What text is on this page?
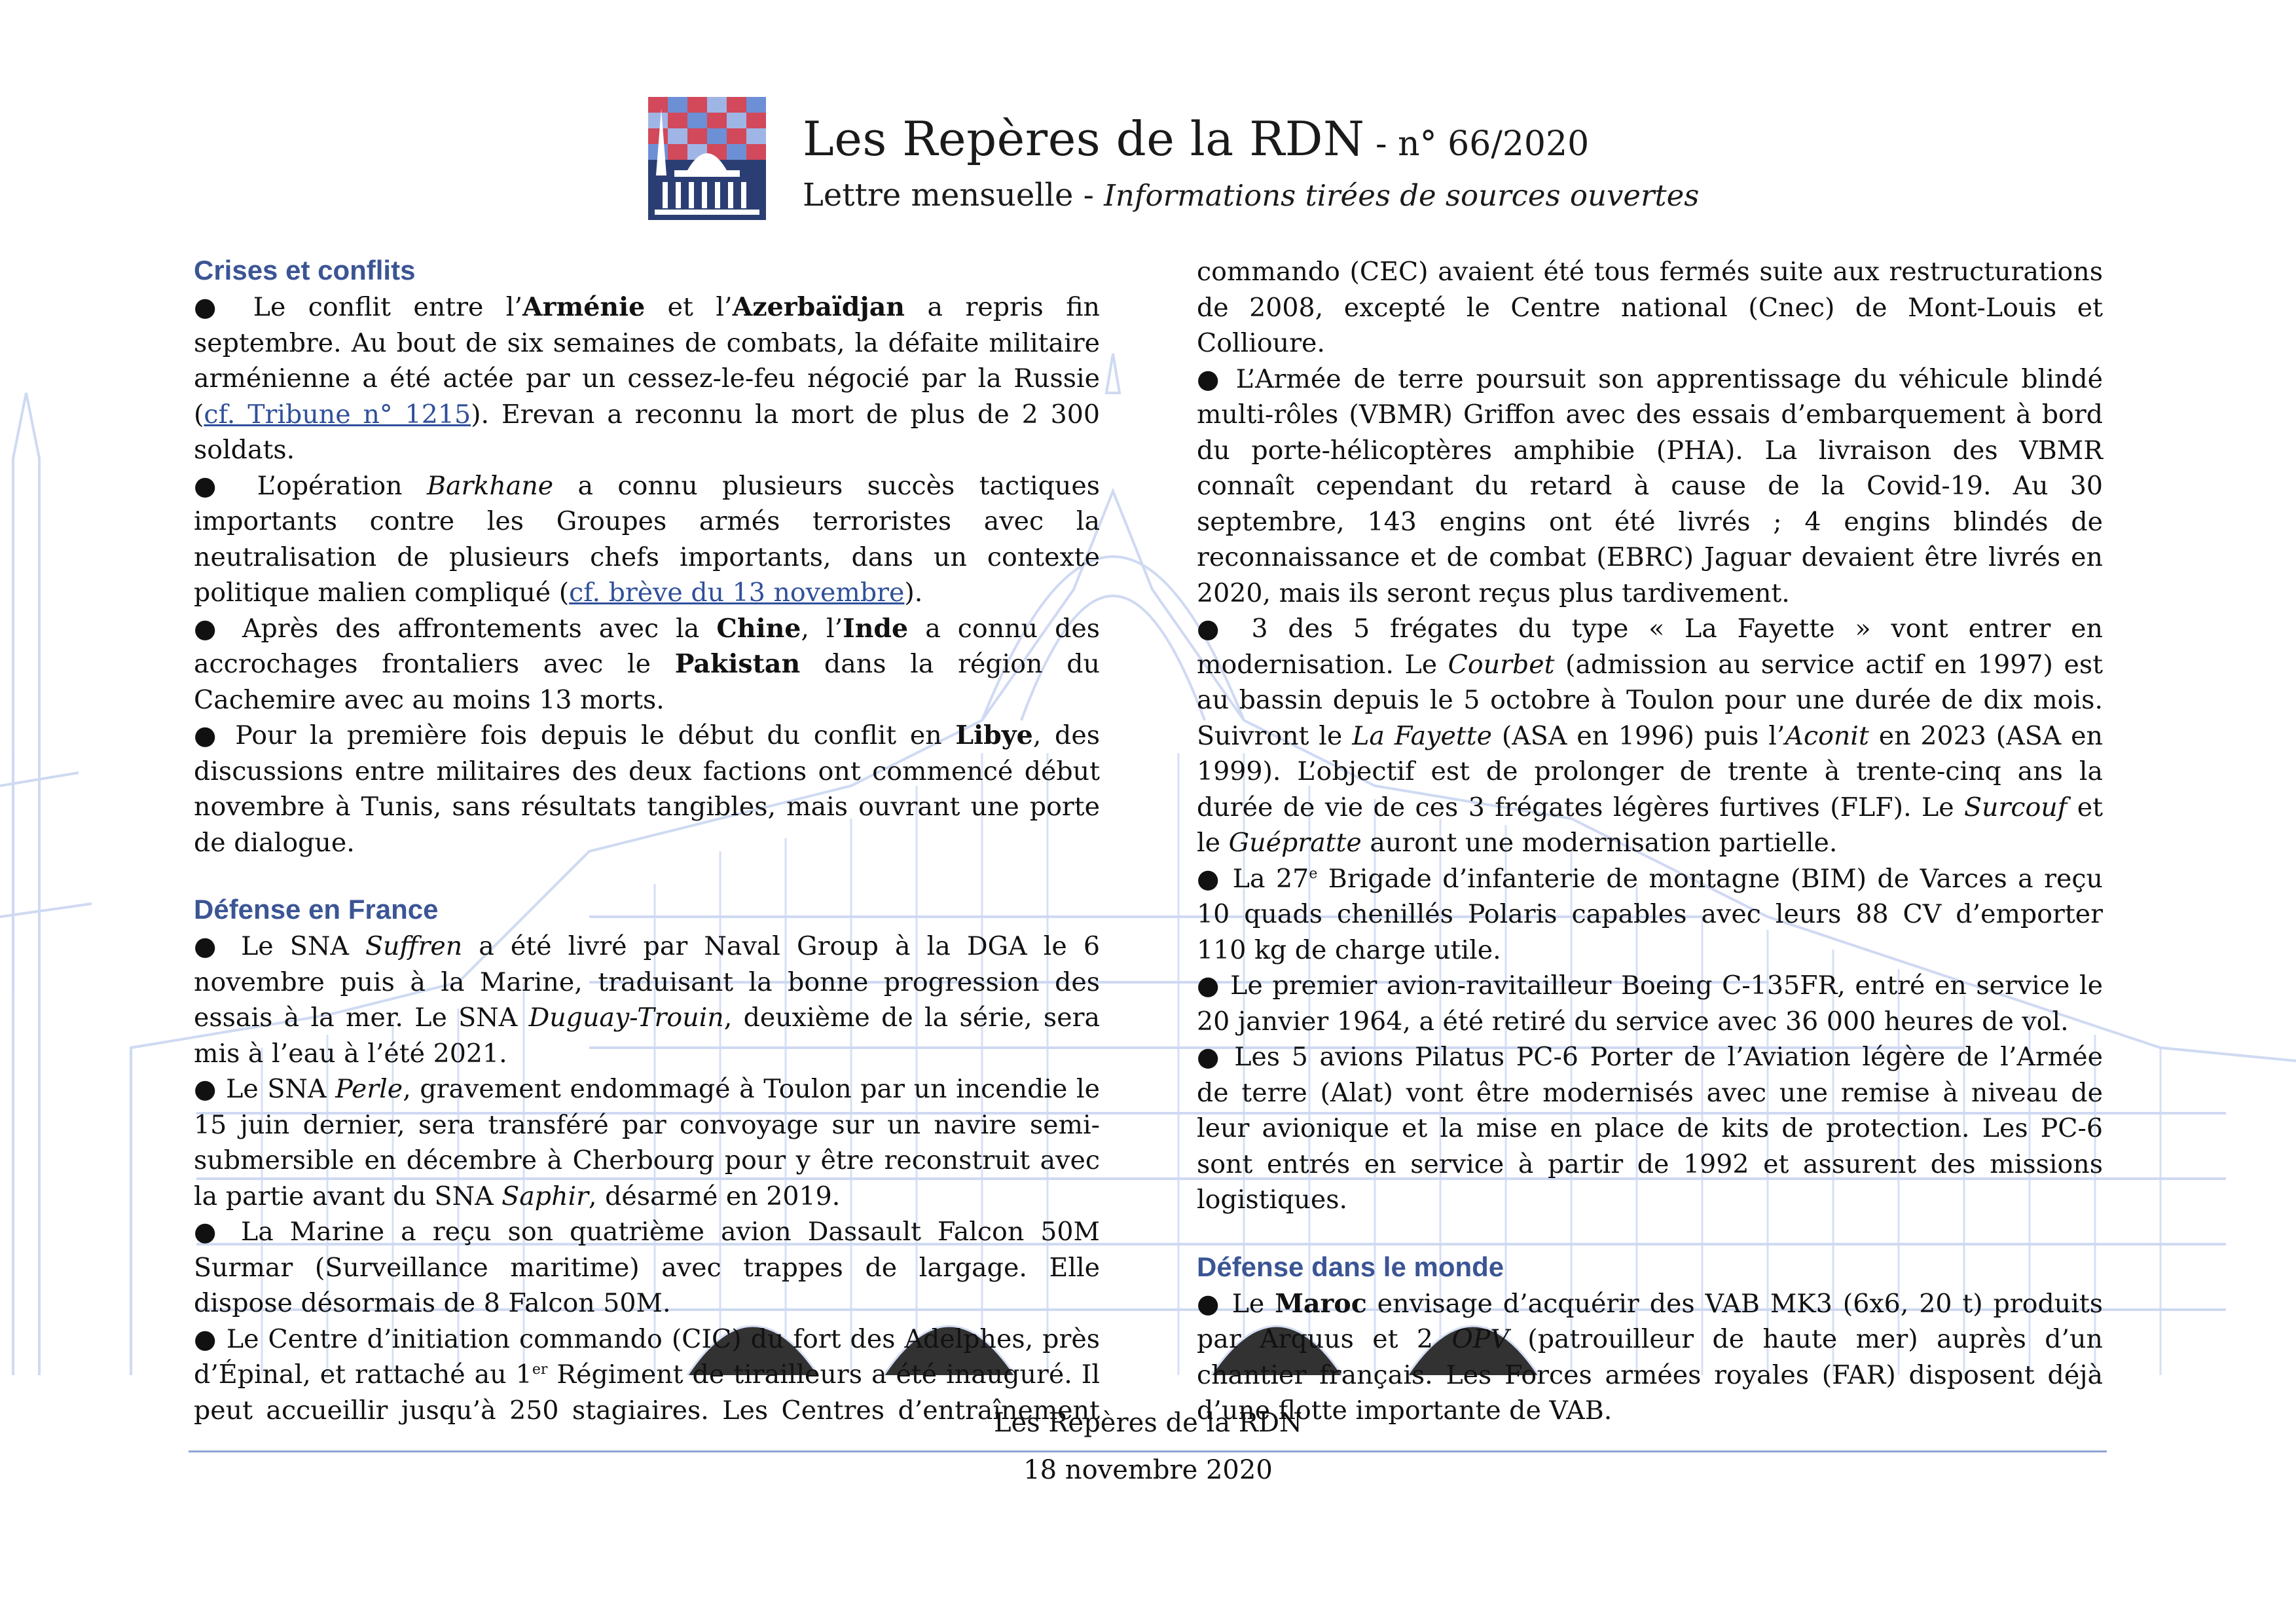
Les Repères de la RDN - n° 66/2020
Lettre mensuelle - Informations tirées de sources ouvertes
Crises et conflits

● Le conflit entre l’Arménie et l’Azerbaïdjan a repris fin septembre. Au bout de six semaines de combats, la défaite militaire arménienne a été actée par un cessez-le-feu négocié par la Russie (cf. Tribune n° 1215). Erevan a reconnu la mort de plus de 2 300 soldats.

● L’opération Barkhane a connu plusieurs succès tactiques importants contre les Groupes armés terroristes avec la neutralisation de plusieurs chefs importants, dans un contexte politique malien compliqué (cf. brève du 13 novembre).

● Après des affrontements avec la Chine, l’Inde a connu des accrochages frontaliers avec le Pakistan dans la région du Cachemire avec au moins 13 morts.

● Pour la première fois depuis le début du conflit en Libye, des discussions entre militaires des deux factions ont commencé début novembre à Tunis, sans résultats tangibles, mais ouvrant une porte de dialogue.

Défense en France

● Le SNA Suffren a été livré par Naval Group à la DGA le 6 novembre puis à la Marine, traduisant la bonne progression des essais à la mer. Le SNA Duguay-Trouin, deuxième de la série, sera mis à l’eau à l’été 2021.

● Le SNA Perle, gravement endommagé à Toulon par un incendie le 15 juin dernier, sera transféré par convoyage sur un navire semi-submersible en décembre à Cherbourg pour y être reconstruit avec la partie avant du SNA Saphir, désarmé en 2019.

● La Marine a reçu son quatrième avion Dassault Falcon 50M Surmar (Surveillance maritime) avec trappes de largage. Elle dispose désormais de 8 Falcon 50M.

● Le Centre d’initiation commando (CIC) du fort des Adelphes, près d’Épinal, et rattaché au 1er Régiment de tirailleurs a été inauguré. Il peut accueillir jusqu’à 250 stagiaires. Les Centres d’entraînement

commando (CEC) avaient été tous fermés suite aux restructurations de 2008, excepté le Centre national (Cnec) de Mont-Louis et Collioure.

● L’Armée de terre poursuit son apprentissage du véhicule blindé multi-rôles (VBMR) Griffon avec des essais d’embarquement à bord du porte-hélicoptères amphibie (PHA). La livraison des VBMR connaît cependant du retard à cause de la Covid-19. Au 30 septembre, 143 engins ont été livrés ; 4 engins blindés de reconnaissance et de combat (EBRC) Jaguar devaient être livrés en 2020, mais ils seront reçus plus tardivement.

● 3 des 5 frégates du type « La Fayette » vont entrer en modernisation. Le Courbet (admission au service actif en 1997) est au bassin depuis le 5 octobre à Toulon pour une durée de dix mois. Suivront le La Fayette (ASA en 1996) puis l’Aconit en 2023 (ASA en 1999). L’objectif est de prolonger de trente à trente-cinq ans la durée de vie de ces 3 frégates légères furtives (FLF). Le Surcouf et le Guépratte auront une modernisation partielle.

● La 27e Brigade d’infanterie de montagne (BIM) de Varces a reçu 10 quads chenillés Polaris capables avec leurs 88 CV d’emporter 110 kg de charge utile.

● Le premier avion-ravitailleur Boeing C-135FR, entré en service le 20 janvier 1964, a été retiré du service avec 36 000 heures de vol.

● Les 5 avions Pilatus PC-6 Porter de l’Aviation légère de l’Armée de terre (Alat) vont être modernisés avec une remise à niveau de leur avionique et la mise en place de kits de protection. Les PC-6 sont entrés en service à partir de 1992 et assurent des missions logistiques.

Défense dans le monde

● Le Maroc envisage d’acquérir des VAB MK3 (6x6, 20 t) produits par Arquus et 2 OPV (patrouilleur de haute mer) auprès d’un chantier français. Les Forces armées royales (FAR) disposent déjà d’une flotte importante de VAB.

Les Repères de la RDN
18 novembre 2020
